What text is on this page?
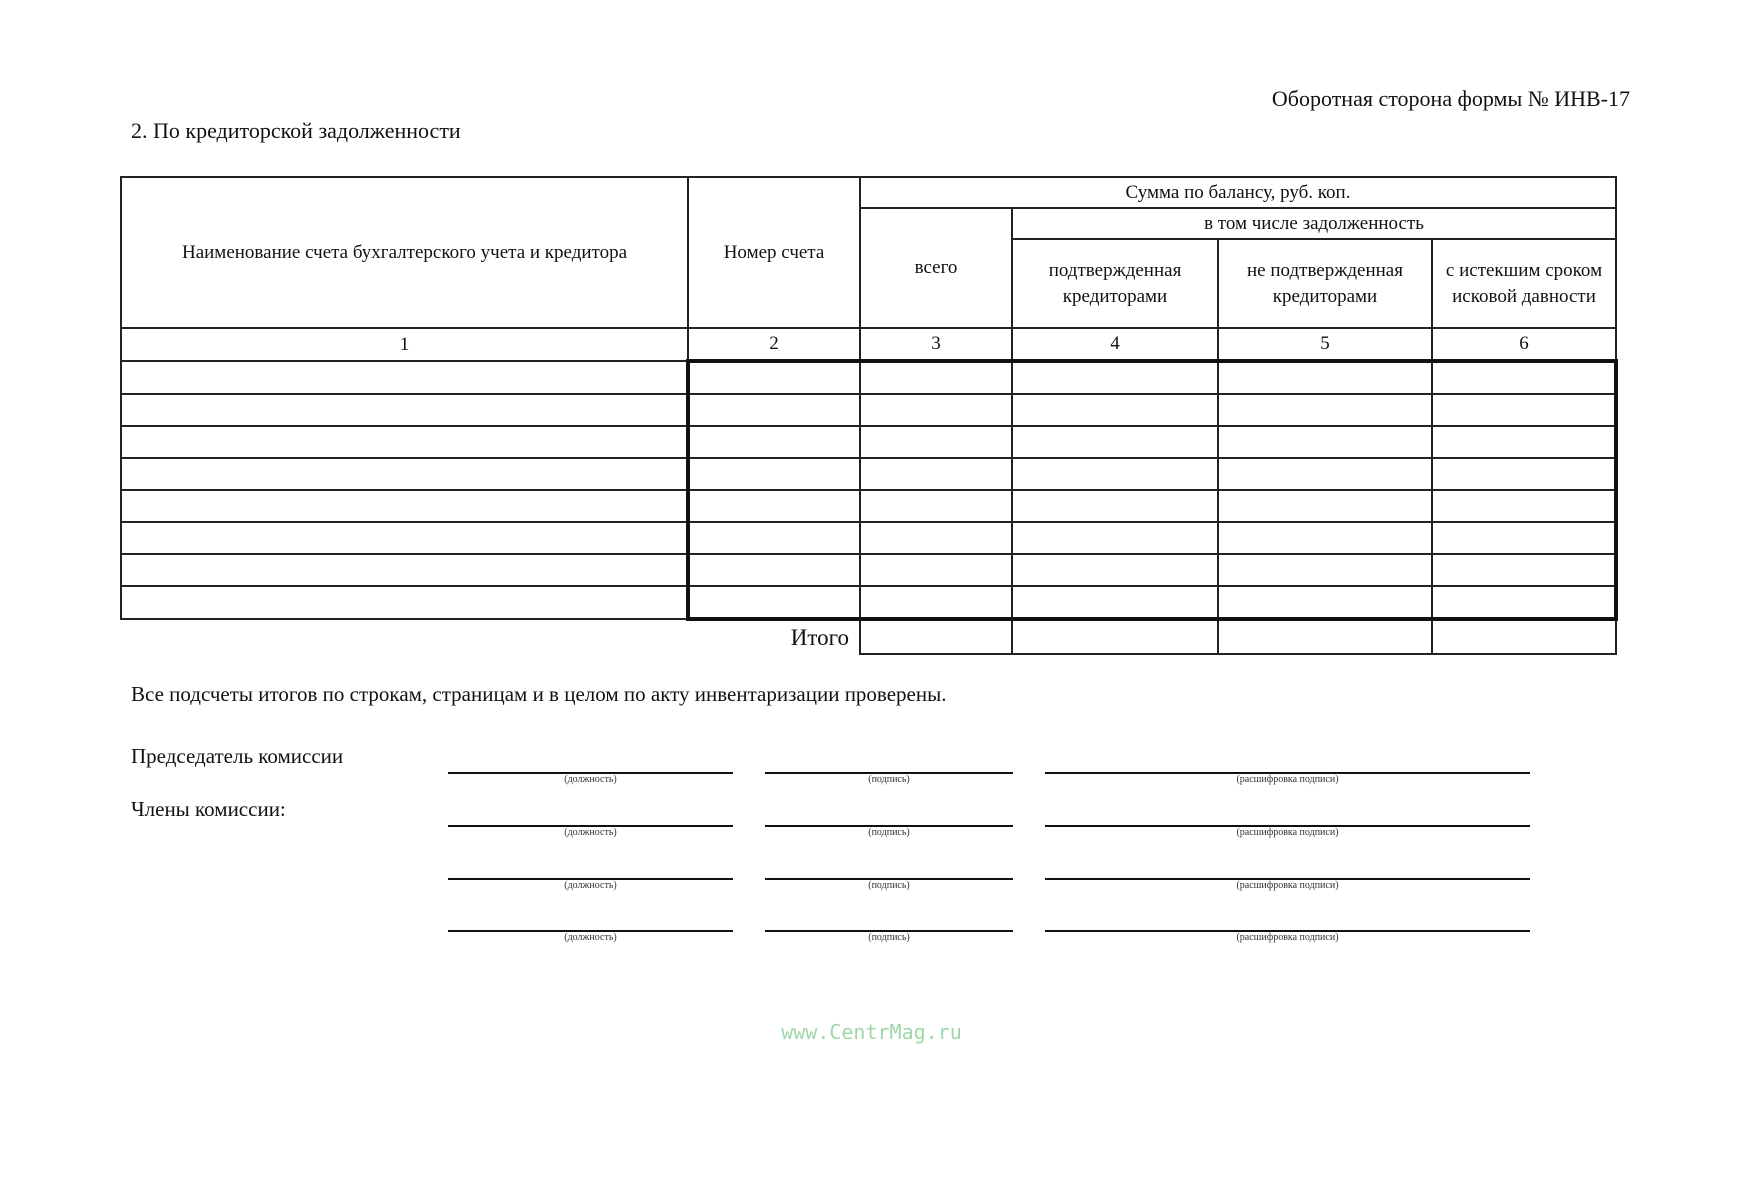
Оборотная сторона формы № ИНВ-17
2. По кредиторской задолженности
Наименование счета бухгалтерского учета и кредитора	Номер счета	Сумма по балансу, руб. коп.			
		всего	в том числе задолженность		
			подтвержденная кредиторами	не подтвержденная кредиторами	с истекшим сроком исковой давности
1	2	3	4	5	6

	Итого				
Все подсчеты итогов по строкам, страницам и в целом по акту инвентаризации проверены.
Председатель комиссии
Члены комиссии:
(должность)	(подпись)	(расшифровка подписи)
(должность)	(подпись)	(расшифровка подписи)
(должность)	(подпись)	(расшифровка подписи)
(должность)	(подпись)	(расшифровка подписи)
www.CentrMag.ru
